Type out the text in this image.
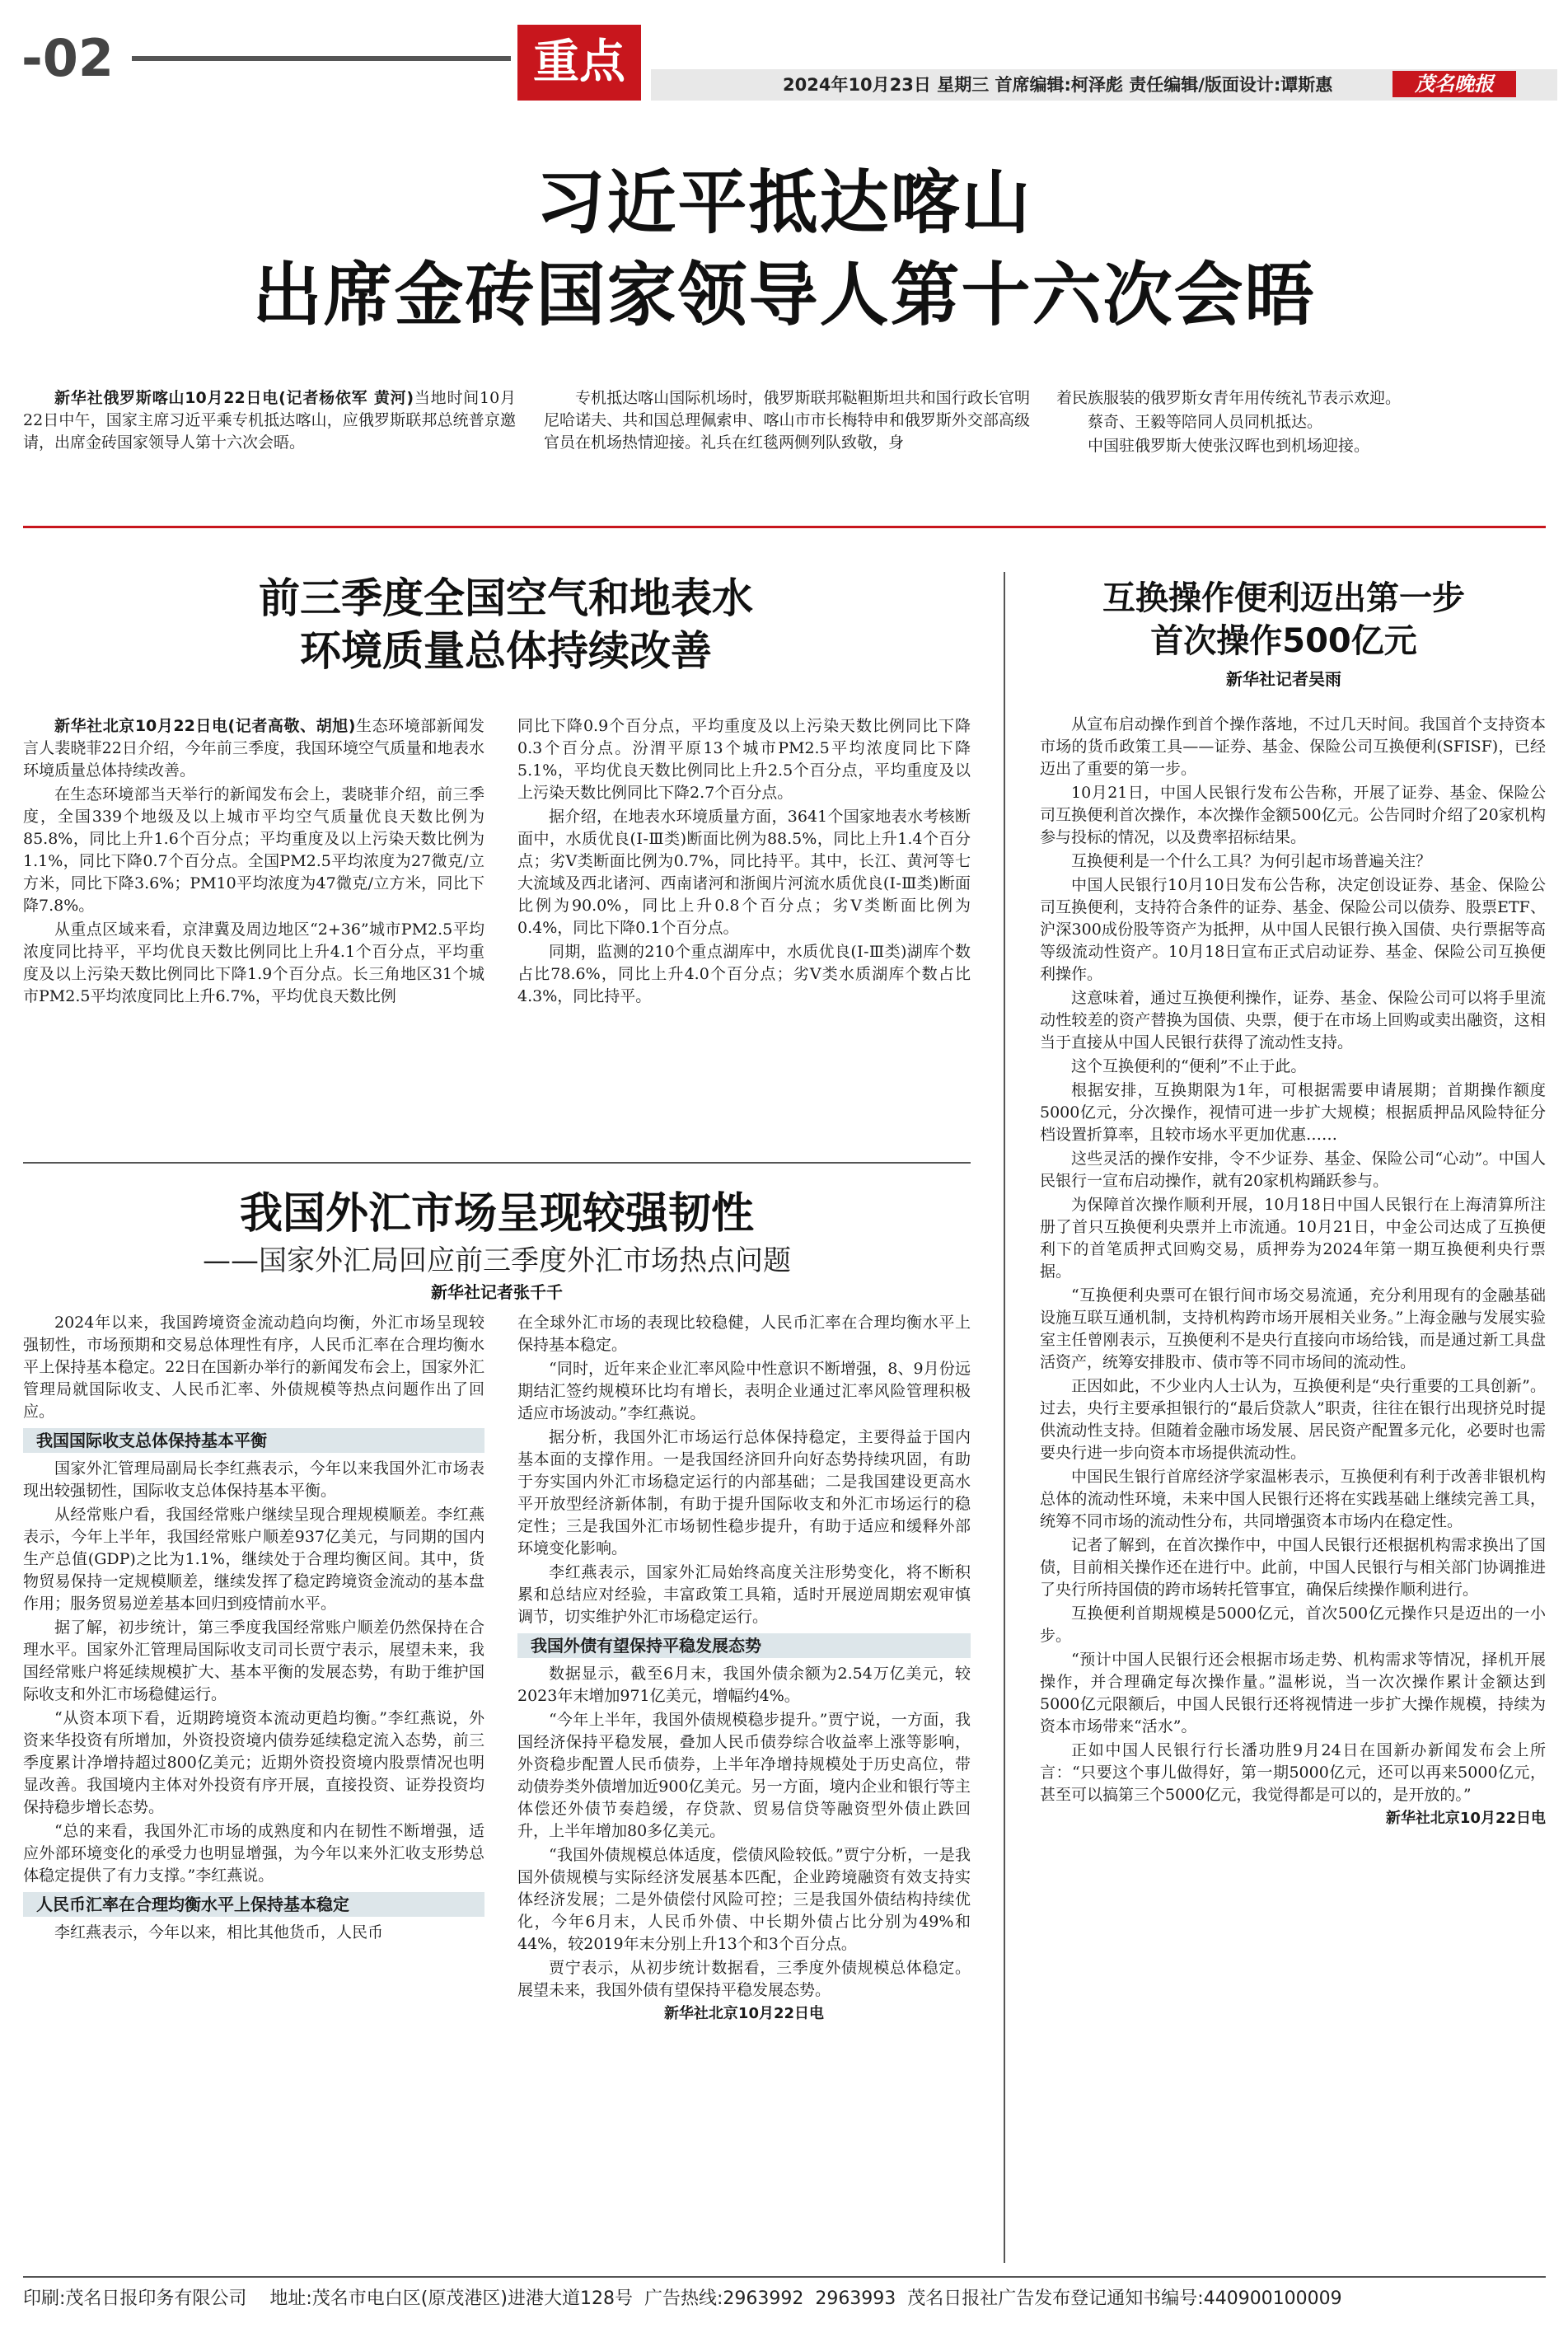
-02	重点	2024年10月23日 星期三 首席编辑:柯泽彪 责任编辑/版面设计:谭斯惠	茂名晚报
习近平抵达喀山
出席金砖国家领导人第十六次会晤

新华社俄罗斯喀山10月22日电(记者杨依军 黄河)当地时间10月22日中午，国家主席习近平乘专机抵达喀山，应俄罗斯联邦总统普京邀请，出席金砖国家领导人第十六次会晤。

专机抵达喀山国际机场时，俄罗斯联邦鞑靼斯坦共和国行政长官明尼哈诺夫、共和国总理佩索申、喀山市市长梅特申和俄罗斯外交部高级官员在机场热情迎接。礼兵在红毯两侧列队致敬，身

着民族服装的俄罗斯女青年用传统礼节表示欢迎。

蔡奇、王毅等陪同人员同机抵达。

中国驻俄罗斯大使张汉晖也到机场迎接。

前三季度全国空气和地表水
环境质量总体持续改善

新华社北京10月22日电(记者高敬、胡旭)生态环境部新闻发言人裴晓菲22日介绍，今年前三季度，我国环境空气质量和地表水环境质量总体持续改善。

在生态环境部当天举行的新闻发布会上，裴晓菲介绍，前三季度，全国339个地级及以上城市平均空气质量优良天数比例为85.8%，同比上升1.6个百分点；平均重度及以上污染天数比例为1.1%，同比下降0.7个百分点。全国PM2.5平均浓度为27微克/立方米，同比下降3.6%；PM10平均浓度为47微克/立方米，同比下降7.8%。

从重点区域来看，京津冀及周边地区“2+36”城市PM2.5平均浓度同比持平，平均优良天数比例同比上升4.1个百分点，平均重度及以上污染天数比例同比下降1.9个百分点。长三角地区31个城市PM2.5平均浓度同比上升6.7%，平均优良天数比例

同比下降0.9个百分点，平均重度及以上污染天数比例同比下降0.3个百分点。汾渭平原13个城市PM2.5平均浓度同比下降5.1%，平均优良天数比例同比上升2.5个百分点，平均重度及以上污染天数比例同比下降2.7个百分点。

据介绍，在地表水环境质量方面，3641个国家地表水考核断面中，水质优良(Ⅰ-Ⅲ类)断面比例为88.5%，同比上升1.4个百分点；劣Ⅴ类断面比例为0.7%，同比持平。其中，长江、黄河等七大流域及西北诸河、西南诸河和浙闽片河流水质优良(Ⅰ-Ⅲ类)断面比例为90.0%，同比上升0.8个百分点；劣Ⅴ类断面比例为0.4%，同比下降0.1个百分点。

同期，监测的210个重点湖库中，水质优良(Ⅰ-Ⅲ类)湖库个数占比78.6%，同比上升4.0个百分点；劣Ⅴ类水质湖库个数占比4.3%，同比持平。

我国外汇市场呈现较强韧性
——国家外汇局回应前三季度外汇市场热点问题
新华社记者张千千

2024年以来，我国跨境资金流动趋向均衡，外汇市场呈现较强韧性，市场预期和交易总体理性有序，人民币汇率在合理均衡水平上保持基本稳定。22日在国新办举行的新闻发布会上，国家外汇管理局就国际收支、人民币汇率、外债规模等热点问题作出了回应。

我国国际收支总体保持基本平衡

国家外汇管理局副局长李红燕表示，今年以来我国外汇市场表现出较强韧性，国际收支总体保持基本平衡。

从经常账户看，我国经常账户继续呈现合理规模顺差。李红燕表示，今年上半年，我国经常账户顺差937亿美元，与同期的国内生产总值(GDP)之比为1.1%，继续处于合理均衡区间。其中，货物贸易保持一定规模顺差，继续发挥了稳定跨境资金流动的基本盘作用；服务贸易逆差基本回归到疫情前水平。

据了解，初步统计，第三季度我国经常账户顺差仍然保持在合理水平。国家外汇管理局国际收支司司长贾宁表示，展望未来，我国经常账户将延续规模扩大、基本平衡的发展态势，有助于维护国际收支和外汇市场稳健运行。

“从资本项下看，近期跨境资本流动更趋均衡。”李红燕说，外资来华投资有所增加，外资投资境内债券延续稳定流入态势，前三季度累计净增持超过800亿美元；近期外资投资境内股票情况也明显改善。我国境内主体对外投资有序开展，直接投资、证券投资均保持稳步增长态势。

“总的来看，我国外汇市场的成熟度和内在韧性不断增强，适应外部环境变化的承受力也明显增强，为今年以来外汇收支形势总体稳定提供了有力支撑。”李红燕说。

人民币汇率在合理均衡水平上保持基本稳定

李红燕表示，今年以来，相比其他货币，人民币

在全球外汇市场的表现比较稳健，人民币汇率在合理均衡水平上保持基本稳定。

“同时，近年来企业汇率风险中性意识不断增强，8、9月份远期结汇签约规模环比均有增长，表明企业通过汇率风险管理积极适应市场波动。”李红燕说。

据分析，我国外汇市场运行总体保持稳定，主要得益于国内基本面的支撑作用。一是我国经济回升向好态势持续巩固，有助于夯实国内外汇市场稳定运行的内部基础；二是我国建设更高水平开放型经济新体制，有助于提升国际收支和外汇市场运行的稳定性；三是我国外汇市场韧性稳步提升，有助于适应和缓释外部环境变化影响。

李红燕表示，国家外汇局始终高度关注形势变化，将不断积累和总结应对经验，丰富政策工具箱，适时开展逆周期宏观审慎调节，切实维护外汇市场稳定运行。

我国外债有望保持平稳发展态势

数据显示，截至6月末，我国外债余额为2.54万亿美元，较2023年末增加971亿美元，增幅约4%。

“今年上半年，我国外债规模稳步提升。”贾宁说，一方面，我国经济保持平稳发展，叠加人民币债券综合收益率上涨等影响，外资稳步配置人民币债券，上半年净增持规模处于历史高位，带动债券类外债增加近900亿美元。另一方面，境内企业和银行等主体偿还外债节奏趋缓，存贷款、贸易信贷等融资型外债止跌回升，上半年增加80多亿美元。

“我国外债规模总体适度，偿债风险较低。”贾宁分析，一是我国外债规模与实际经济发展基本匹配，企业跨境融资有效支持实体经济发展；二是外债偿付风险可控；三是我国外债结构持续优化，今年6月末，人民币外债、中长期外债占比分别为49%和44%，较2019年末分别上升13个和3个百分点。

贾宁表示，从初步统计数据看，三季度外债规模总体稳定。展望未来，我国外债有望保持平稳发展态势。

新华社北京10月22日电
互换操作便利迈出第一步
首次操作500亿元
新华社记者吴雨

从宣布启动操作到首个操作落地，不过几天时间。我国首个支持资本市场的货币政策工具——证券、基金、保险公司互换便利(SFISF)，已经迈出了重要的第一步。

10月21日，中国人民银行发布公告称，开展了证券、基金、保险公司互换便利首次操作，本次操作金额500亿元。公告同时介绍了20家机构参与投标的情况，以及费率招标结果。

互换便利是一个什么工具？为何引起市场普遍关注？

中国人民银行10月10日发布公告称，决定创设证券、基金、保险公司互换便利，支持符合条件的证券、基金、保险公司以债券、股票ETF、沪深300成份股等资产为抵押，从中国人民银行换入国债、央行票据等高等级流动性资产。10月18日宣布正式启动证券、基金、保险公司互换便利操作。

这意味着，通过互换便利操作，证券、基金、保险公司可以将手里流动性较差的资产替换为国债、央票，便于在市场上回购或卖出融资，这相当于直接从中国人民银行获得了流动性支持。

这个互换便利的“便利”不止于此。

根据安排，互换期限为1年，可根据需要申请展期；首期操作额度5000亿元，分次操作，视情可进一步扩大规模；根据质押品风险特征分档设置折算率，且较市场水平更加优惠……

这些灵活的操作安排，令不少证券、基金、保险公司“心动”。中国人民银行一宣布启动操作，就有20家机构踊跃参与。

为保障首次操作顺利开展，10月18日中国人民银行在上海清算所注册了首只互换便利央票并上市流通。10月21日，中金公司达成了互换便利下的首笔质押式回购交易，质押券为2024年第一期互换便利央行票据。

“互换便利央票可在银行间市场交易流通，充分利用现有的金融基础设施互联互通机制，支持机构跨市场开展相关业务。”上海金融与发展实验室主任曾刚表示，互换便利不是央行直接向市场给钱，而是通过新工具盘活资产，统筹安排股市、债市等不同市场间的流动性。

正因如此，不少业内人士认为，互换便利是“央行重要的工具创新”。过去，央行主要承担银行的“最后贷款人”职责，往往在银行出现挤兑时提供流动性支持。但随着金融市场发展、居民资产配置多元化，必要时也需要央行进一步向资本市场提供流动性。

中国民生银行首席经济学家温彬表示，互换便利有利于改善非银机构总体的流动性环境，未来中国人民银行还将在实践基础上继续完善工具，统筹不同市场的流动性分布，共同增强资本市场内在稳定性。

记者了解到，在首次操作中，中国人民银行还根据机构需求换出了国债，目前相关操作还在进行中。此前，中国人民银行与相关部门协调推进了央行所持国债的跨市场转托管事宜，确保后续操作顺利进行。

互换便利首期规模是5000亿元，首次500亿元操作只是迈出的一小步。

“预计中国人民银行还会根据市场走势、机构需求等情况，择机开展操作，并合理确定每次操作量。”温彬说，当一次次操作累计金额达到5000亿元限额后，中国人民银行还将视情进一步扩大操作规模，持续为资本市场带来“活水”。

正如中国人民银行行长潘功胜9月24日在国新办新闻发布会上所言：“只要这个事儿做得好，第一期5000亿元，还可以再来5000亿元，甚至可以搞第三个5000亿元，我觉得都是可以的，是开放的。”

新华社北京10月22日电
印刷:茂名日报印务有限公司    地址:茂名市电白区(原茂港区)进港大道128号  广告热线:2963992  2963993  茂名日报社广告发布登记通知书编号:440900100009
